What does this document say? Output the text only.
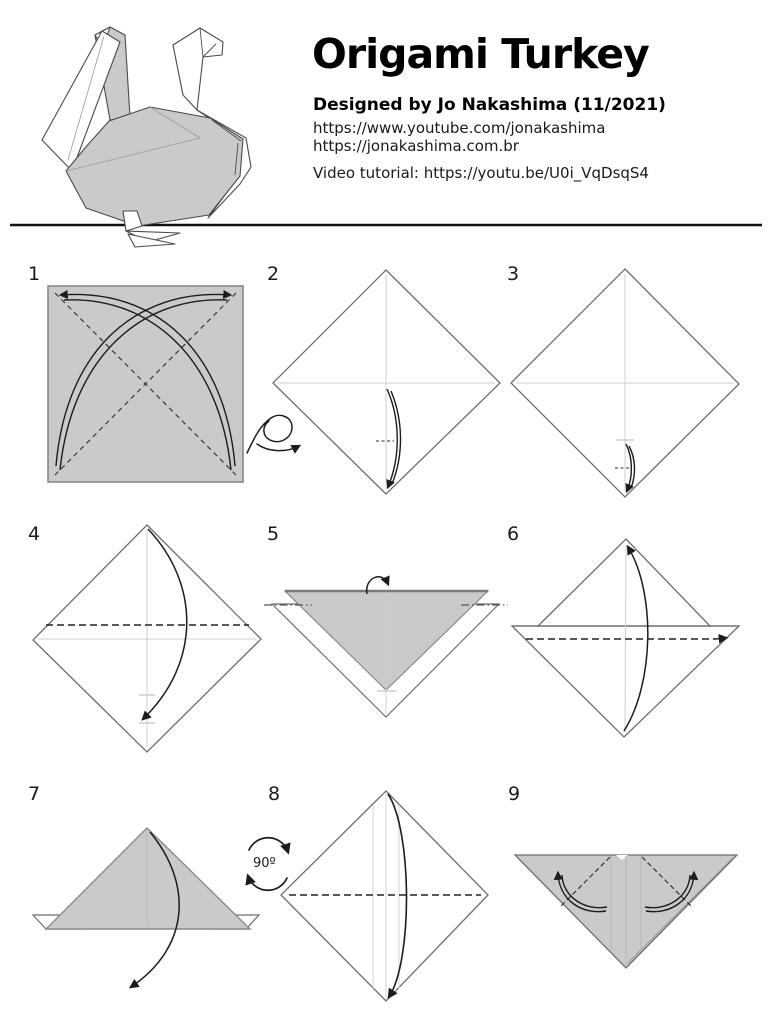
Origami Turkey
Designed by Jo Nakashima (11/2021)
https://www.youtube.com/jonakashima
https://jonakashima.com.br
Video tutorial: https://youtu.be/U0i_VqDsqS4
1	2	3
4	5	6
7	8	9
90º
